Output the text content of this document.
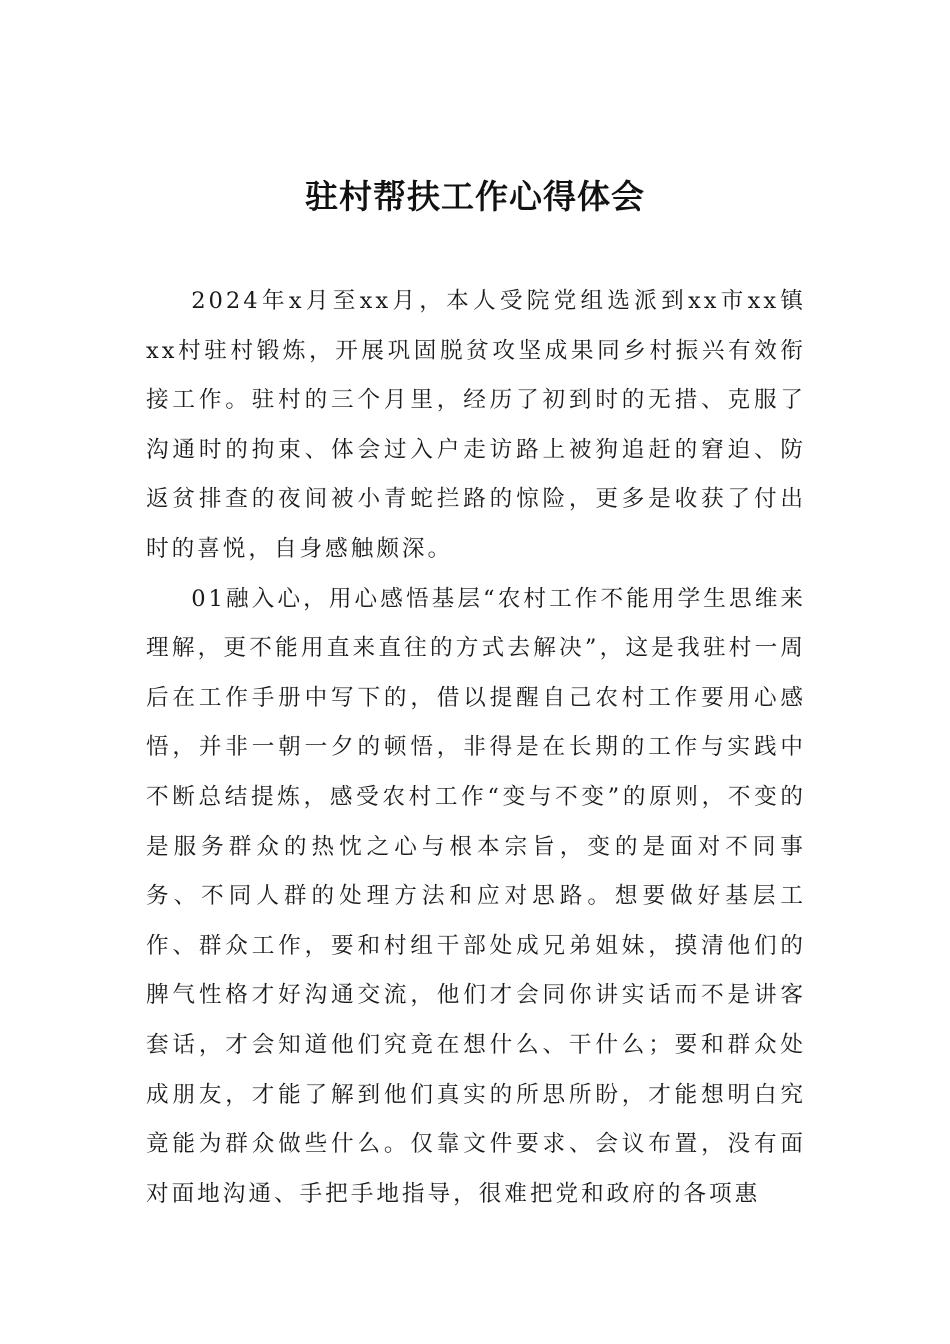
驻村帮扶工作心得体会

2024年x月至xx月，本人受院党组选派到xx市xx镇xx村驻村锻炼，开展巩固脱贫攻坚成果同乡村振兴有效衔接工作。驻村的三个月里，经历了初到时的无措、克服了沟通时的拘束、体会过入户走访路上被狗追赶的窘迫、防返贫排查的夜间被小青蛇拦路的惊险，更多是收获了付出时的喜悦，自身感触颇深。

01融入心，用心感悟基层“农村工作不能用学生思维来理解，更不能用直来直往的方式去解决”，这是我驻村一周后在工作手册中写下的，借以提醒自己农村工作要用心感悟，并非一朝一夕的顿悟，非得是在长期的工作与实践中不断总结提炼，感受农村工作“变与不变”的原则，不变的是服务群众的热忱之心与根本宗旨，变的是面对不同事务、不同人群的处理方法和应对思路。想要做好基层工作、群众工作，要和村组干部处成兄弟姐妹，摸清他们的脾气性格才好沟通交流，他们才会同你讲实话而不是讲客套话，才会知道他们究竟在想什么、干什么；要和群众处成朋友，才能了解到他们真实的所思所盼，才能想明白究竟能为群众做些什么。仅靠文件要求、会议布置，没有面对面地沟通、手把手地指导，很难把党和政府的各项惠
